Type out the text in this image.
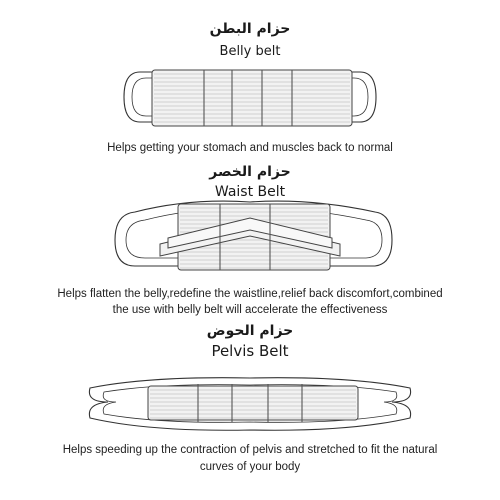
حزام البطن
Belly belt
Helps getting your stomach and muscles back to normal
حزام الخصر
Waist Belt
Helps flatten the belly,redefine the waistline,relief back discomfort,combined
the use with belly belt will accelerate the effectiveness
حزام الحوض
Pelvis Belt
Helps speeding up the contraction of pelvis and stretched to fit the natural
curves of your body
